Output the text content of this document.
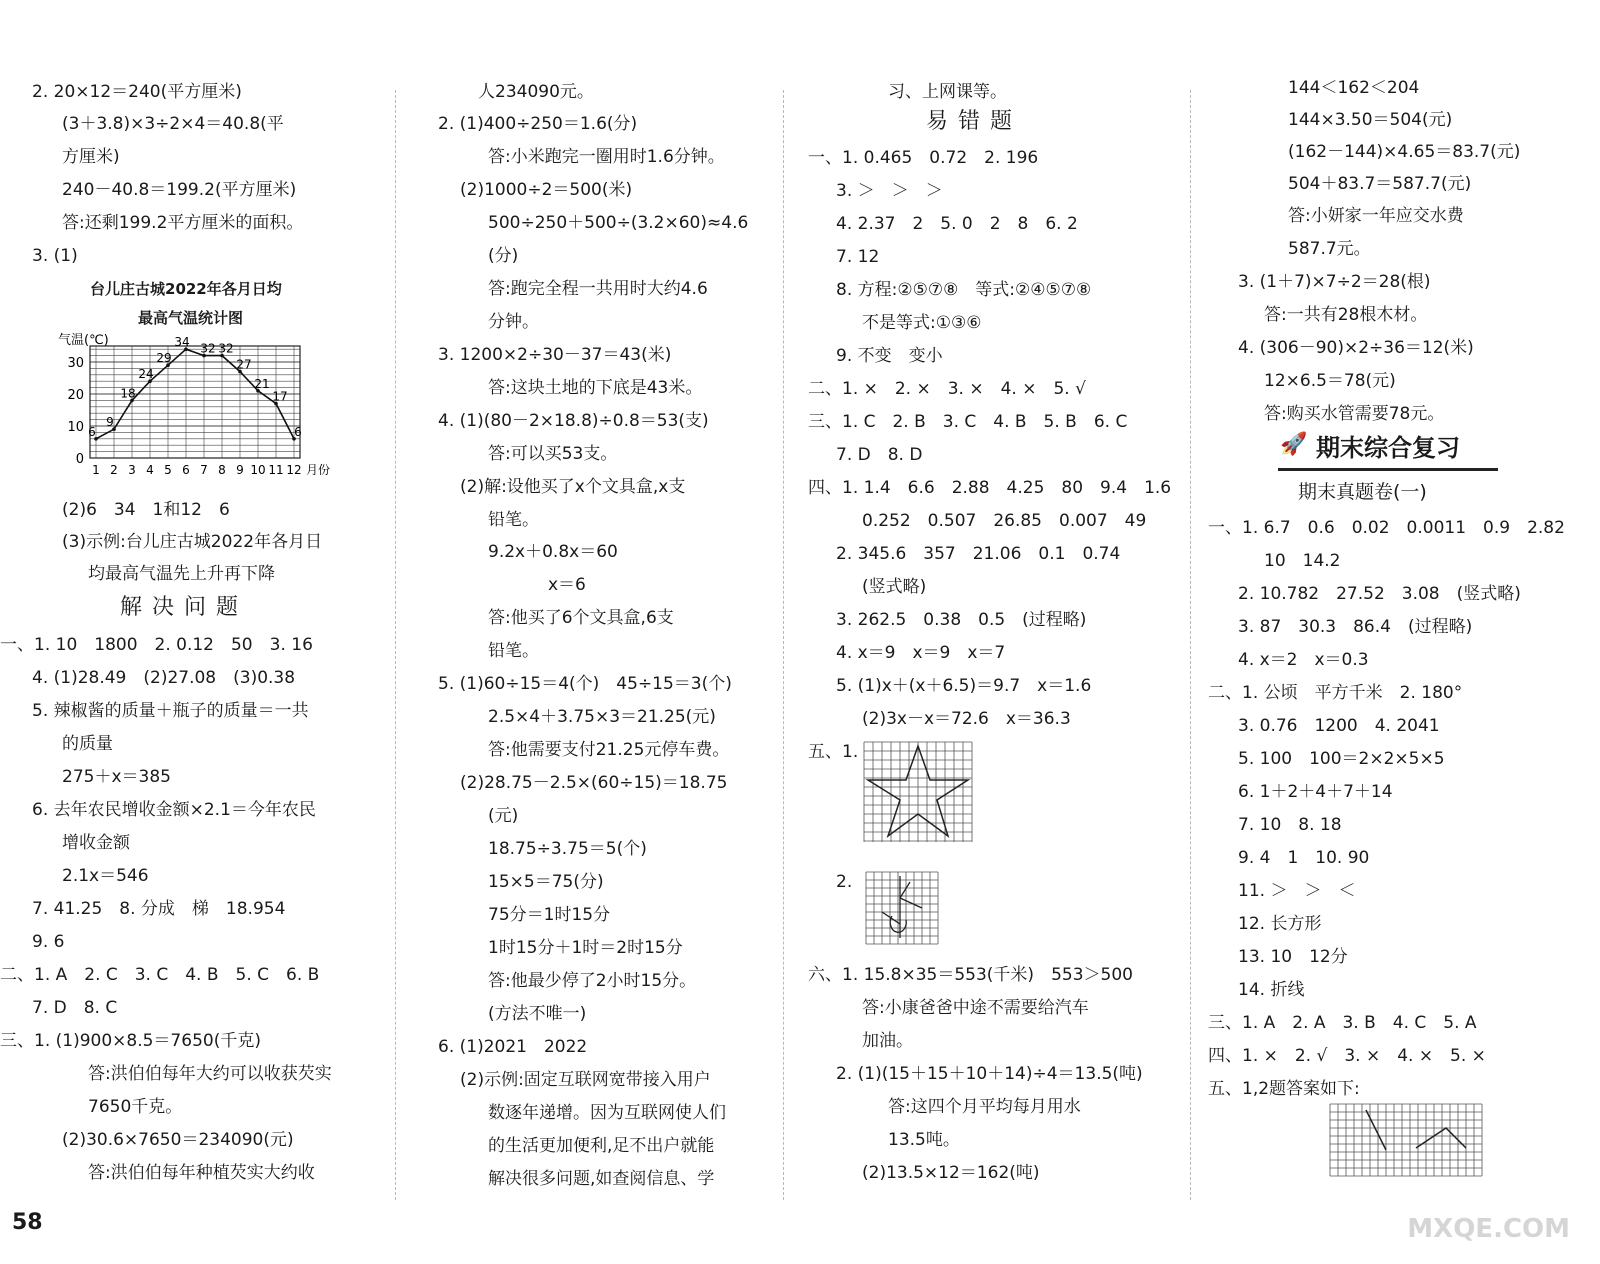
2. 20×12＝240(平方厘米)
(3＋3.8)×3÷2×4＝40.8(平
方厘米)
240－40.8＝199.2(平方厘米)
答:还剩199.2平方厘米的面积。
3. (1)
(2)6　34　1和12　6
(3)示例:台儿庄古城2022年各月日
均最高气温先上升再下降
一、1. 10　1800　2. 0.12　50　3. 16
4. (1)28.49　(2)27.08　(3)0.38
5. 辣椒酱的质量＋瓶子的质量＝一共
的质量
275＋x＝385
6. 去年农民增收金额×2.1＝今年农民
增收金额
2.1x＝546
7. 41.25　8. 分成　梯　18.954
9. 6
二、1. A　2. C　3. C　4. B　5. C　6. B
7. D　8. C
三、1. (1)900×8.5＝7650(千克)
答:洪伯伯每年大约可以收获芡实
7650千克。
(2)30.6×7650＝234090(元)
答:洪伯伯每年种植芡实大约收
台儿庄古城2022年各月日均
最高气温统计图
0
10
20
30
1 2 3 4 5 6 7 8 9 10 11 12 月份
气温(℃)
6
9
18
24
29
34 32 32
27
21
17
6
解决问题
人234090元。
2. (1)400÷250＝1.6(分)
答:小米跑完一圈用时1.6分钟。
(2)1000÷2＝500(米)
500÷250＋500÷(3.2×60)≈4.6
(分)
答:跑完全程一共用时大约4.6
分钟。
3. 1200×2÷30－37＝43(米)
答:这块土地的下底是43米。
4. (1)(80－2×18.8)÷0.8＝53(支)
答:可以买53支。
(2)解:设他买了x个文具盒,x支
铅笔。
9.2x＋0.8x＝60
x＝6
答:他买了6个文具盒,6支
铅笔。
5. (1)60÷15＝4(个)　45÷15＝3(个)
2.5×4＋3.75×3＝21.25(元)
答:他需要支付21.25元停车费。
(2)28.75－2.5×(60÷15)＝18.75
(元)
18.75÷3.75＝5(个)
15×5＝75(分)
75分＝1时15分
1时15分＋1时＝2时15分
答:他最少停了2小时15分。
(方法不唯一)
6. (1)2021　2022
(2)示例:固定互联网宽带接入用户
数逐年递增。因为互联网使人们
的生活更加便利,足不出户就能
解决很多问题,如查阅信息、学
易错题
习、上网课等。
一、1. 0.465　0.72　2. 196
3. ＞　＞　＞
4. 2.37　2　5. 0　2　8　6. 2
7. 12
8. 方程:②⑤⑦⑧　等式:②④⑤⑦⑧
不是等式:①③⑥
9. 不变　变小
二、1. ×　2. ×　3. ×　4. ×　5. √
三、1. C　2. B　3. C　4. B　5. B　6. C
7. D　8. D
四、1. 1.4　6.6　2.88　4.25　80　9.4　1.6
0.252　0.507　26.85　0.007　49
2. 345.6　357　21.06　0.1　0.74
(竖式略)
3. 262.5　0.38　0.5　(过程略)
4. x＝9　x＝9　x＝7
5. (1)x＋(x＋6.5)＝9.7　x＝1.6
(2)3x－x＝72.6　x＝36.3
五、1.
2.
六、1. 15.8×35＝553(千米)　553＞500
答:小康爸爸中途不需要给汽车
加油。
2. (1)(15＋15＋10＋14)÷4＝13.5(吨)
答:这四个月平均每月用水
13.5吨。
(2)13.5×12＝162(吨)
144＜162＜204
144×3.50＝504(元)
(162－144)×4.65＝83.7(元)
504＋83.7＝587.7(元)
答:小妍家一年应交水费
587.7元。
3. (1＋7)×7÷2＝28(根)
答:一共有28根木材。
4. (306－90)×2÷36＝12(米)
12×6.5＝78(元)
答:购买水管需要78元。
一、1. 6.7　0.6　0.02　0.0011　0.9　2.82
10　14.2
2. 10.782　27.52　3.08　(竖式略)
3. 87　30.3　86.4　(过程略)
4. x＝2　x＝0.3
二、1. 公顷　平方千米　2. 180°
3. 0.76　1200　4. 2041
5. 100　100＝2×2×5×5
6. 1＋2＋4＋7＋14
7. 10　8. 18
9. 4　1　10. 90
11. ＞　＞　＜
12. 长方形
13. 10　12分
14. 折线
三、1. A　2. A　3. B　4. C　5. A
四、1. ×　2. √　3. ×　4. ×　5. ×
五、1,2题答案如下:
🚀 期末综合复习
期末真题卷(一)
58	MXQE.COM
